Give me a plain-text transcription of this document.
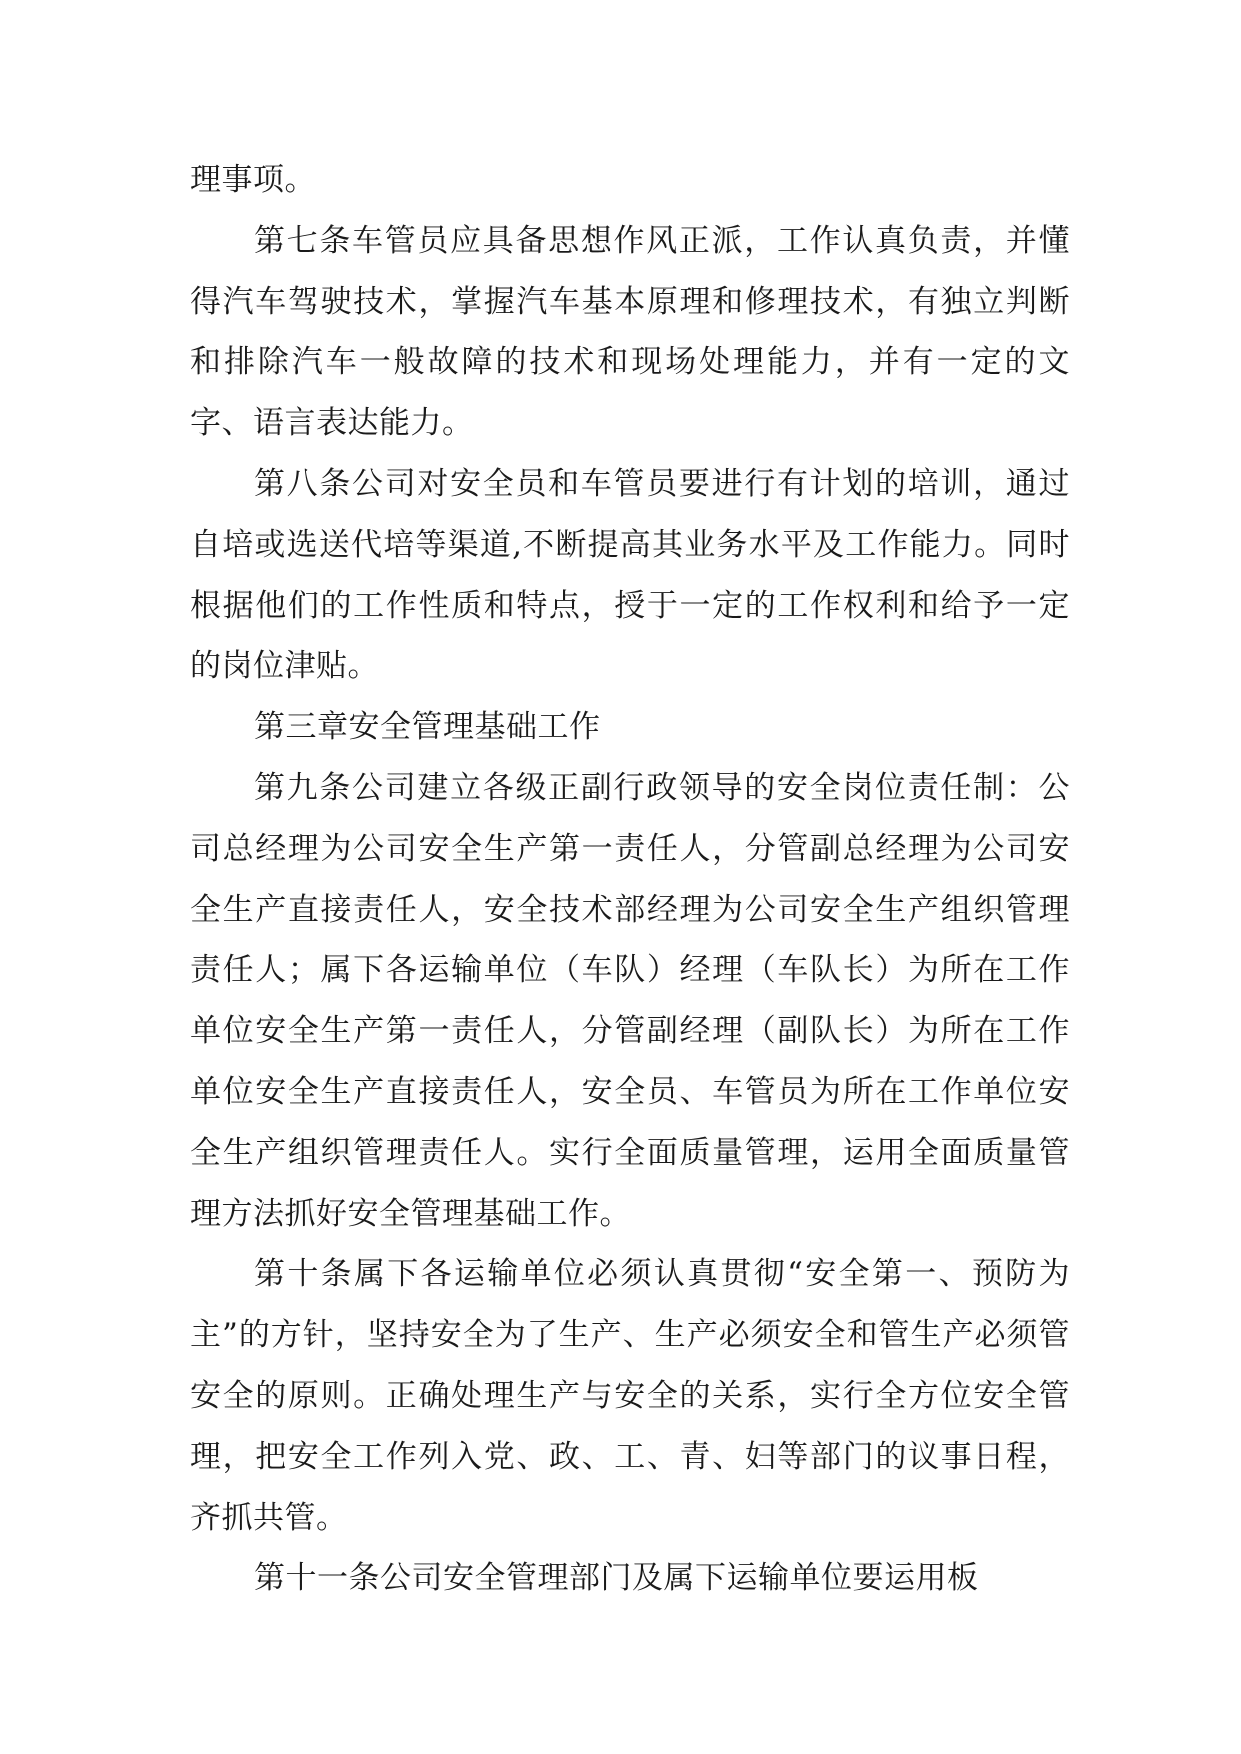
理事项。

第七条车管员应具备思想作风正派，工作认真负责，并懂得汽车驾驶技术，掌握汽车基本原理和修理技术，有独立判断和排除汽车一般故障的技术和现场处理能力，并有一定的文字、语言表达能力。

第八条公司对安全员和车管员要进行有计划的培训，通过自培或选送代培等渠道,不断提高其业务水平及工作能力。同时根据他们的工作性质和特点，授于一定的工作权利和给予一定的岗位津贴。

第三章安全管理基础工作

第九条公司建立各级正副行政领导的安全岗位责任制：公司总经理为公司安全生产第一责任人，分管副总经理为公司安全生产直接责任人，安全技术部经理为公司安全生产组织管理责任人；属下各运输单位（车队）经理（车队长）为所在工作单位安全生产第一责任人，分管副经理（副队长）为所在工作单位安全生产直接责任人，安全员、车管员为所在工作单位安全生产组织管理责任人。实行全面质量管理，运用全面质量管理方法抓好安全管理基础工作。

第十条属下各运输单位必须认真贯彻“安全第一、预防为主”的方针，坚持安全为了生产、生产必须安全和管生产必须管安全的原则。正确处理生产与安全的关系，实行全方位安全管理，把安全工作列入党、政、工、青、妇等部门的议事日程，齐抓共管。

第十一条公司安全管理部门及属下运输单位要运用板
